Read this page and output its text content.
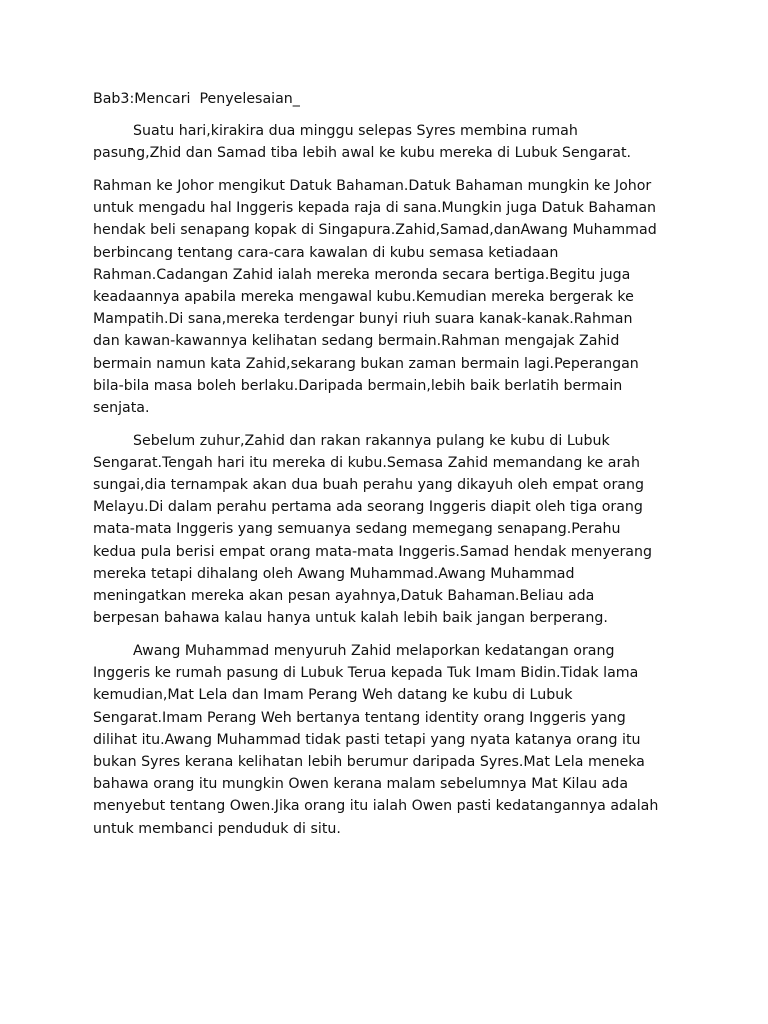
Bab3:Mencari  Penyelesaian_
Suatu hari,kirakira dua minggu selepas Syres membina rumah
pasung,Zhid dan Samad tiba lebih awal ke kubu mereka di Lubuk Sengarat.
Rahman ke Johor mengikut Datuk Bahaman.Datuk Bahaman mungkin ke Johor
untuk mengadu hal Inggeris kepada raja di sana.Mungkin juga Datuk Bahaman
hendak beli senapang kopak di Singapura.Zahid,Samad,danAwang Muhammad
berbincang tentang cara-cara kawalan di kubu semasa ketiadaan
Rahman.Cadangan Zahid ialah mereka meronda secara bertiga.Begitu juga
keadaannya apabila mereka mengawal kubu.Kemudian mereka bergerak ke
Mampatih.Di sana,mereka terdengar bunyi riuh suara kanak-kanak.Rahman
dan kawan-kawannya kelihatan sedang bermain.Rahman mengajak Zahid
bermain namun kata Zahid,sekarang bukan zaman bermain lagi.Peperangan
bila-bila masa boleh berlaku.Daripada bermain,lebih baik berlatih bermain
senjata.
Sebelum zuhur,Zahid dan rakan rakannya pulang ke kubu di Lubuk
Sengarat.Tengah hari itu mereka di kubu.Semasa Zahid memandang ke arah
sungai,dia ternampak akan dua buah perahu yang dikayuh oleh empat orang
Melayu.Di dalam perahu pertama ada seorang Inggeris diapit oleh tiga orang
mata-mata Inggeris yang semuanya sedang memegang senapang.Perahu
kedua pula berisi empat orang mata-mata Inggeris.Samad hendak menyerang
mereka tetapi dihalang oleh Awang Muhammad.Awang Muhammad
meningatkan mereka akan pesan ayahnya,Datuk Bahaman.Beliau ada
berpesan bahawa kalau hanya untuk kalah lebih baik jangan berperang.
Awang Muhammad menyuruh Zahid melaporkan kedatangan orang
Inggeris ke rumah pasung di Lubuk Terua kepada Tuk Imam Bidin.Tidak lama
kemudian,Mat Lela dan Imam Perang Weh datang ke kubu di Lubuk
Sengarat.Imam Perang Weh bertanya tentang identity orang Inggeris yang
dilihat itu.Awang Muhammad tidak pasti tetapi yang nyata katanya orang itu
bukan Syres kerana kelihatan lebih berumur daripada Syres.Mat Lela meneka
bahawa orang itu mungkin Owen kerana malam sebelumnya Mat Kilau ada
menyebut tentang Owen.Jika orang itu ialah Owen pasti kedatangannya adalah
untuk membanci penduduk di situ.
